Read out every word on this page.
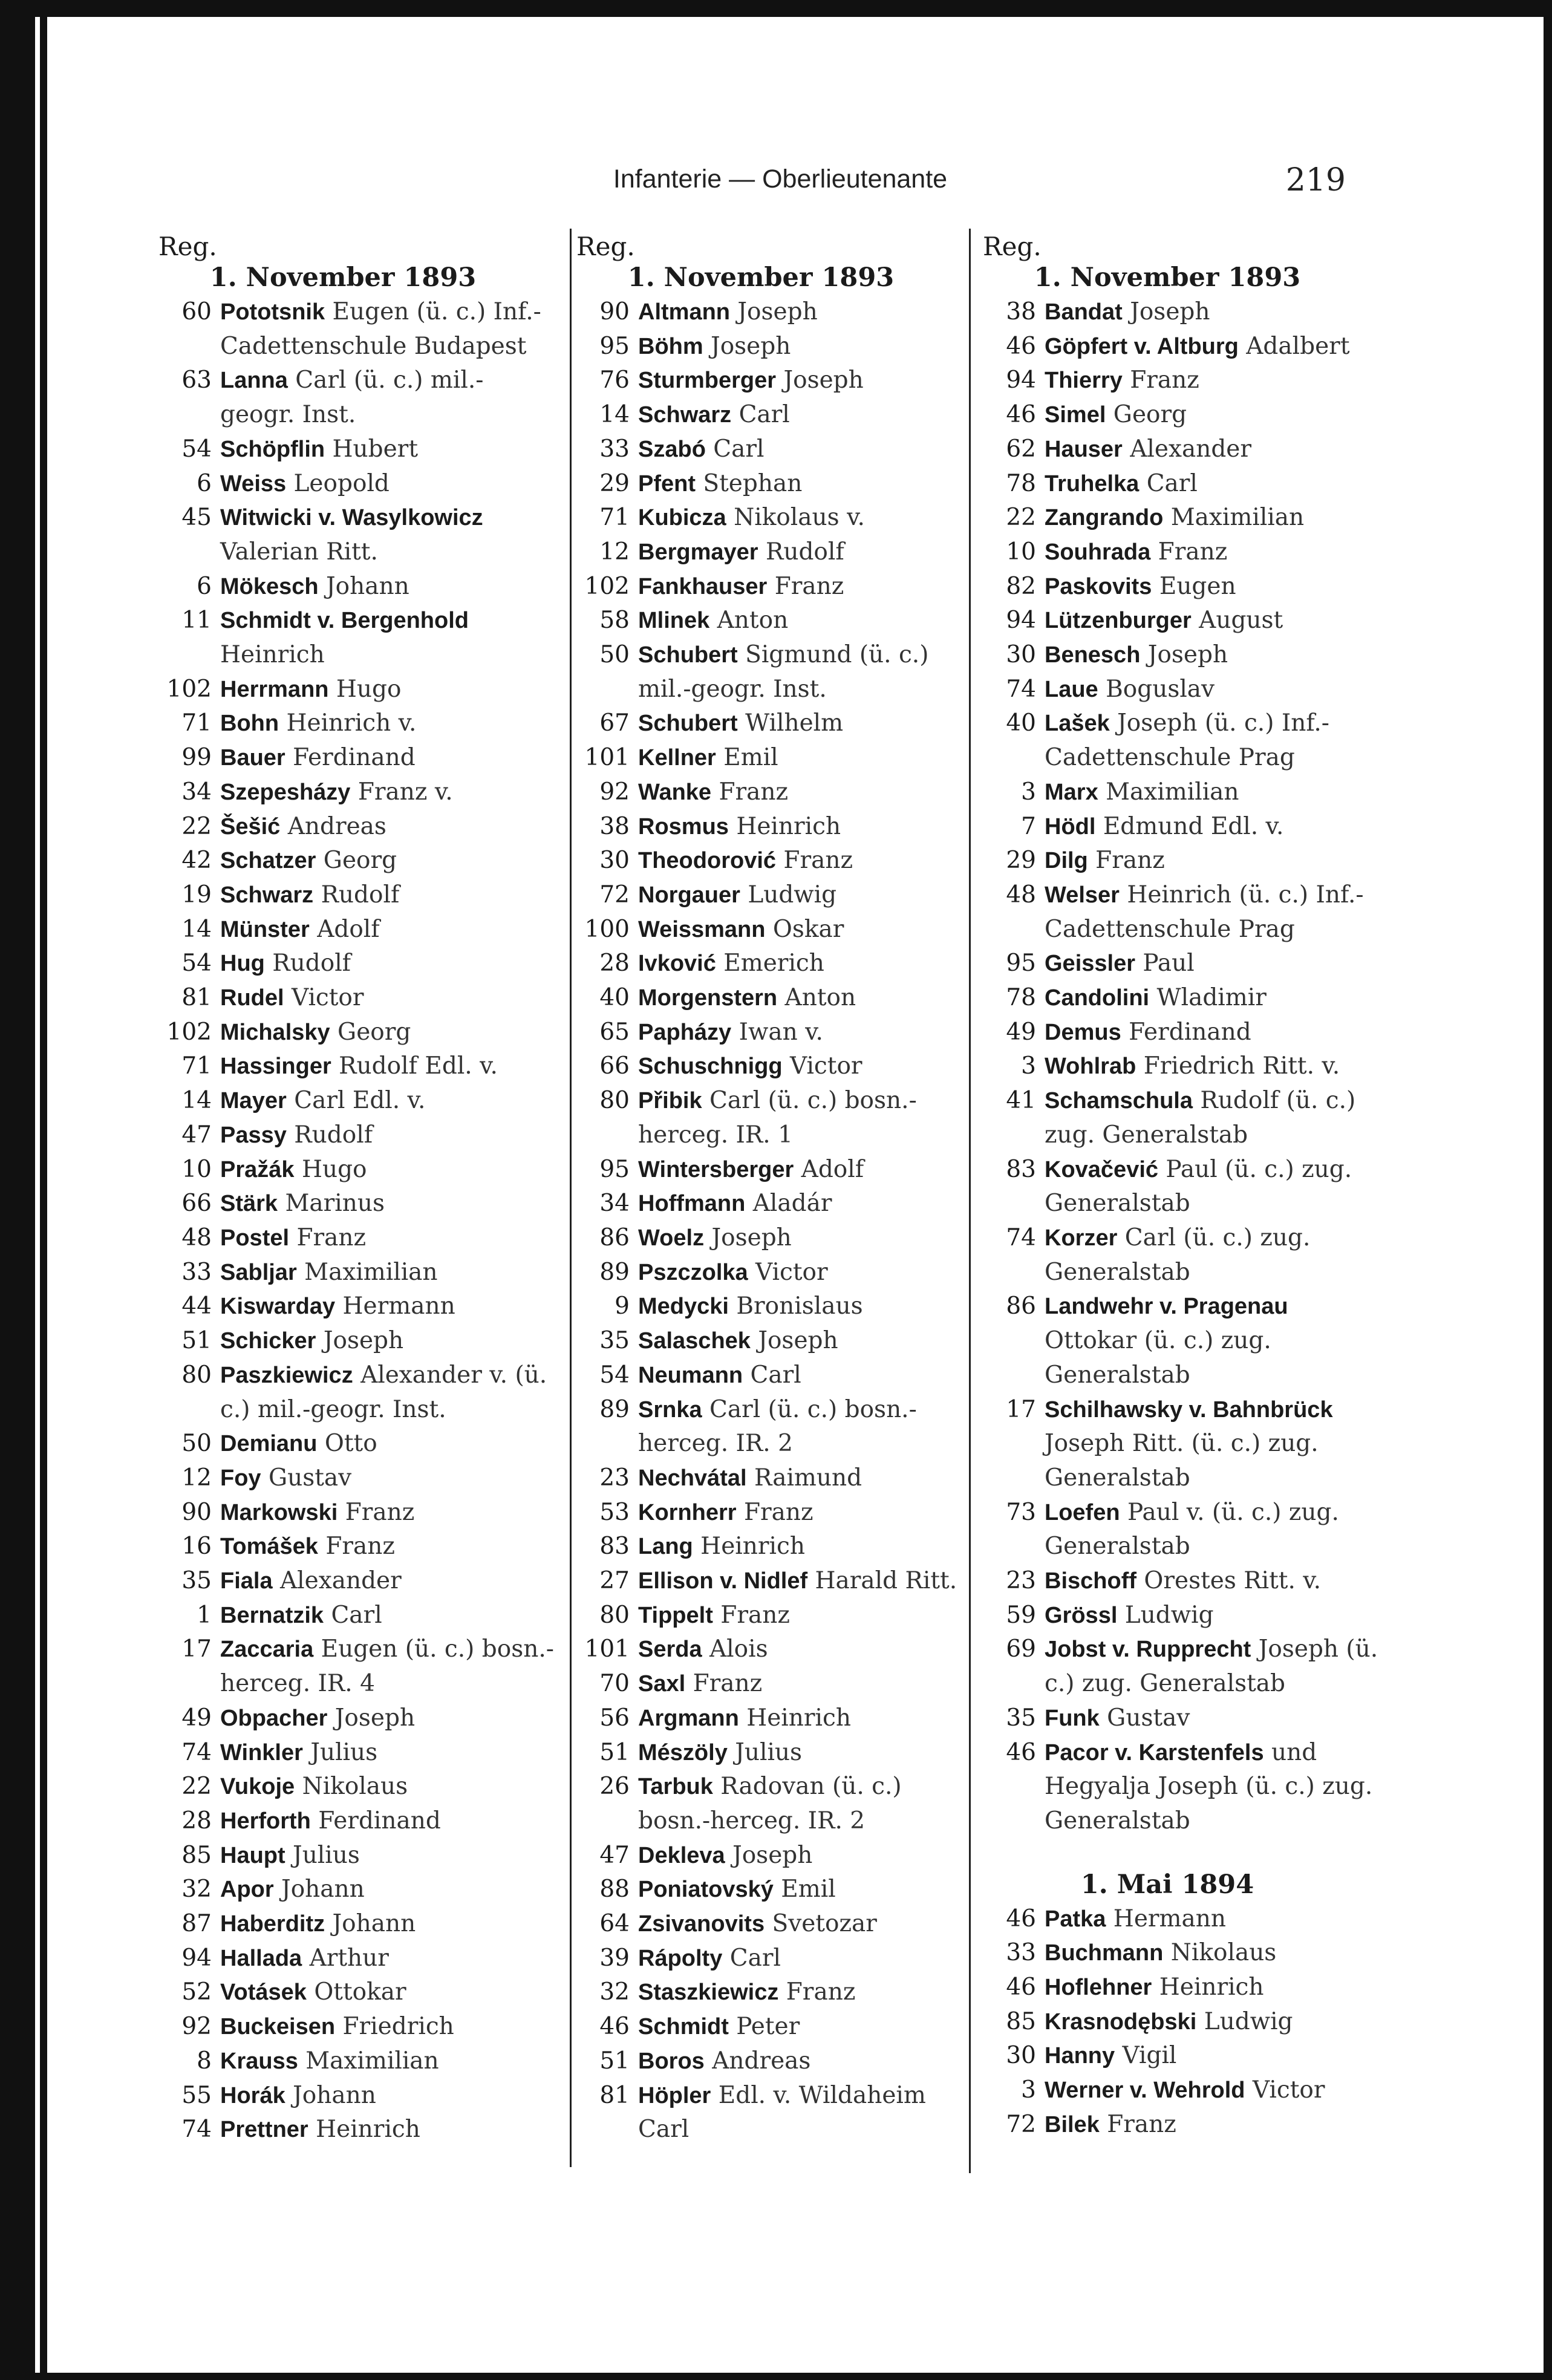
Infanterie — Oberlieutenante	219
Reg.
1. November 1893
60 Pototsnik Eugen (ü. c.) Inf.-Cadettenschule Budapest
63 Lanna Carl (ü. c.) mil.-geogr. Inst.
54 Schöpflin Hubert
6 Weiss Leopold
45 Witwicki v. Wasylkowicz Valerian Ritt.
6 Mökesch Johann
11 Schmidt v. Bergenhold Heinrich
102 Herrmann Hugo
71 Bohn Heinrich v.
99 Bauer Ferdinand
34 Szepesházy Franz v.
22 Šešić Andreas
42 Schatzer Georg
19 Schwarz Rudolf
14 Münster Adolf
54 Hug Rudolf
81 Rudel Victor
102 Michalsky Georg
71 Hassinger Rudolf Edl. v.
14 Mayer Carl Edl. v.
47 Passy Rudolf
10 Pražák Hugo
66 Stärk Marinus
48 Postel Franz
33 Sabljar Maximilian
44 Kiswarday Hermann
51 Schicker Joseph
80 Paszkiewicz Alexander v. (ü. c.) mil.-geogr. Inst.
50 Demianu Otto
12 Foy Gustav
90 Markowski Franz
16 Tomášek Franz
35 Fiala Alexander
1 Bernatzik Carl
17 Zaccaria Eugen (ü. c.) bosn.-herceg. IR. 4
49 Obpacher Joseph
74 Winkler Julius
22 Vukoje Nikolaus
28 Herforth Ferdinand
85 Haupt Julius
32 Apor Johann
87 Haberditz Johann
94 Hallada Arthur
52 Votásek Ottokar
92 Buckeisen Friedrich
8 Krauss Maximilian
55 Horák Johann
74 Prettner Heinrich
Reg.
1. November 1893
90 Altmann Joseph
95 Böhm Joseph
76 Sturmberger Joseph
14 Schwarz Carl
33 Szabó Carl
29 Pfent Stephan
71 Kubicza Nikolaus v.
12 Bergmayer Rudolf
102 Fankhauser Franz
58 Mlinek Anton
50 Schubert Sigmund (ü. c.) mil.-geogr. Inst.
67 Schubert Wilhelm
101 Kellner Emil
92 Wanke Franz
38 Rosmus Heinrich
30 Theodorović Franz
72 Norgauer Ludwig
100 Weissmann Oskar
28 Ivković Emerich
40 Morgenstern Anton
65 Papházy Iwan v.
66 Schuschnigg Victor
80 Přibik Carl (ü. c.) bosn.-herceg. IR. 1
95 Wintersberger Adolf
34 Hoffmann Aladár
86 Woelz Joseph
89 Pszczolka Victor
9 Medycki Bronislaus
35 Salaschek Joseph
54 Neumann Carl
89 Srnka Carl (ü. c.) bosn.-herceg. IR. 2
23 Nechvátal Raimund
53 Kornherr Franz
83 Lang Heinrich
27 Ellison v. Nidlef Harald Ritt.
80 Tippelt Franz
101 Serda Alois
70 Saxl Franz
56 Argmann Heinrich
51 Mészöly Julius
26 Tarbuk Radovan (ü. c.) bosn.-herceg. IR. 2
47 Dekleva Joseph
88 Poniatovský Emil
64 Zsivanovits Svetozar
39 Rápolty Carl
32 Staszkiewicz Franz
46 Schmidt Peter
51 Boros Andreas
81 Höpler Edl. v. Wildaheim Carl
Reg.
1. November 1893
38 Bandat Joseph
46 Göpfert v. Altburg Adalbert
94 Thierry Franz
46 Simel Georg
62 Hauser Alexander
78 Truhelka Carl
22 Zangrando Maximilian
10 Souhrada Franz
82 Paskovits Eugen
94 Lützenburger August
30 Benesch Joseph
74 Laue Boguslav
40 Lašek Joseph (ü. c.) Inf.-Cadettenschule Prag
3 Marx Maximilian
7 Hödl Edmund Edl. v.
29 Dilg Franz
48 Welser Heinrich (ü. c.) Inf.-Cadettenschule Prag
95 Geissler Paul
78 Candolini Wladimir
49 Demus Ferdinand
3 Wohlrab Friedrich Ritt. v.
41 Schamschula Rudolf (ü. c.) zug. Generalstab
83 Kovačević Paul (ü. c.) zug. Generalstab
74 Korzer Carl (ü. c.) zug. Generalstab
86 Landwehr v. Pragenau Ottokar (ü. c.) zug. Generalstab
17 Schilhawsky v. Bahnbrück Joseph Ritt. (ü. c.) zug. Generalstab
73 Loefen Paul v. (ü. c.) zug. Generalstab
23 Bischoff Orestes Ritt. v.
59 Grössl Ludwig
69 Jobst v. Rupprecht Joseph (ü. c.) zug. Generalstab
35 Funk Gustav
46 Pacor v. Karstenfels und Hegyalja Joseph (ü. c.) zug. Generalstab
1. Mai 1894
46 Patka Hermann
33 Buchmann Nikolaus
46 Hoflehner Heinrich
85 Krasnodębski Ludwig
30 Hanny Vigil
3 Werner v. Wehrold Victor
72 Bilek Franz
